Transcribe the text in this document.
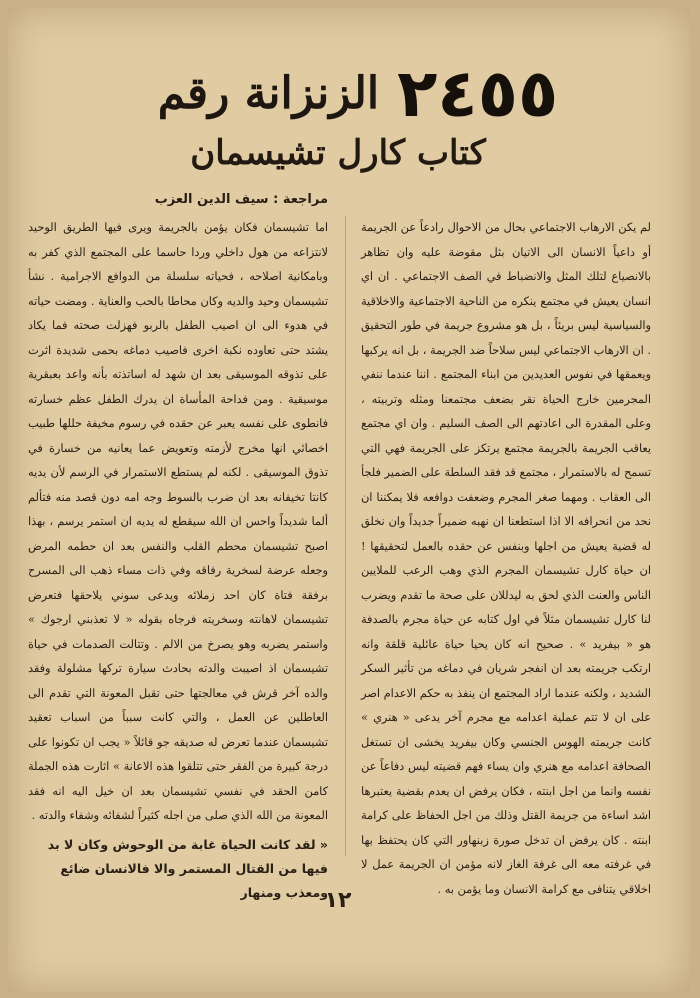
الزنزانة رقم ٢٤٥٥
كتاب كارل تشيسمان
مراجعة : سيف الدين العزب

لم يكن الارهاب الاجتماعي بحال من الاحوال رادعاً عن الجريمة أو داعياً الانسان الى الاتيان بثل مقوضة عليه وان تظاهر بالانصياع لتلك المثل والانضباط في الصف الاجتماعي . ان اي انسان يعيش في مجتمع ينكره من الناحية الاجتماعية والاخلاقية والسياسية ليس بريئاً ، بل هو مشروع جريمة في طور التحقيق . ان الارهاب الاجتماعي ليس سلاحاً ضد الجريمة ، بل انه يركبها ويعمقها في نفوس العديدين من ابناء المجتمع . اننا عندما ننفي المجرمين خارج الحياة نقر بضعف مجتمعنا ومثله وتربيته ، وعلى المقدرة الى اعادتهم الى الصف السليم . وان اي مجتمع يعاقب الجريمة بالجريمة مجتمع يرتكز على الجريمة فهي التي تسمح له بالاستمرار ، مجتمع قد فقد السلطة على الضمير فلجأ الى العقاب . ومهما صغر المجرم وضعفت دوافعه فلا يمكننا ان نحد من انحرافه الا اذا استطعنا ان نهبه ضميراً جديداً وان نخلق له قضية يعيش من اجلها وبنفس عن حقده بالعمل لتحقيقها ! ان حياة كارل تشيسمان المجرم الذي وهب الرعب للملايين الناس والعنت الذي لحق به ليدللان على صحة ما تقدم ويضرب لنا كارل تشيسمان مثلاً في اول كتابه عن حياة مجرم بالصدفة هو « بيفريد » . صحيح انه كان يحيا حياة عائلية قلقة وانه ارتكب جريمته بعد ان انفجر شريان في دماغه من تأثير السكر الشديد ، ولكنه عندما اراد المجتمع ان ينفذ به حكم الاعدام اصر على ان لا تتم عملية اعدامه مع مجرم آخر يدعى « هنري » كانت جريمته الهوس الجنسي وكان بيفريد يخشى ان تستغل الصحافة اعدامه مع هنري وان يساء فهم قضيته ليس دفاعاً عن نفسه وانما من اجل ابنته ، فكان يرفض ان يعدم بقضية يعتبرها اشد اساءة من جريمة القتل وذلك من اجل الحفاظ على كرامة ابنته . كان يرفض ان تدخل صورة زبنهاور التي كان يحتفظ بها في غرفته معه الى غرفة الغاز لانه مؤمن ان الجريمة عمل لا اخلاقي يتنافى مع كرامة الانسان وما يؤمن به .

اما تشيسمان فكان يؤمن بالجريمة ويرى فيها الطريق الوحيد لانتزاعه من هول داخلي وردا حاسما على المجتمع الذي كفر به وبامكانية اصلاحه ، فحياته سلسلة من الدوافع الاجرامية . نشأ تشيسمان وحيد والديه وكان محاطا بالحب والعناية . ومضت حياته في هدوء الى ان اصيب الطفل بالربو فهزلت صحته فما يكاد يشتد حتى تعاوده نكبة اخرى فاصيب دماغه بحمى شديدة اثرت على تذوقه الموسيقى بعد ان شهد له اساتذته بأنه واعد بعبقرية موسيقية . ومن فداحة المأساة ان يدرك الطفل عظم خسارته فانطوى على نفسه يعبر عن حقده في رسوم مخيفة حللها طبيب اخصائي انها مخرج لأزمته وتعويض عما يعانيه من خسارة في تذوق الموسيقى . لكنه لم يستطع الاستمرار في الرسم لأن يديه كانتا تخيفانه بعد ان ضرب بالسوط وجه امه دون قصد منه فتألم ألما شديداً واحس ان الله سيقطع له يديه ان استمر يرسم ، بهذا اصبح تشيسمان محطم القلب والنفس بعد ان حطمه المرض وجعله عرضة لسخرية رفاقه وفي ذات مساء ذهب الى المسرح برفقة فتاة كان احد زملائه ويدعى سوني يلاحقها فتعرض تشيسمان لاهانته وسخريته فرجاه بقوله « لا تعذبني ارجوك » واستمر يضربه وهو يصرخ من الالم . وتتالت الصدمات في حياة تشيسمان اذ اصيبت والدته بحادث سيارة تركها مشلولة وفقد والده آخر قرش في معالجتها حتى تقبل المعونة التي تقدم الى العاطلين عن العمل ، والتي كانت سبباً من اسباب تعقيد تشيسمان عندما تعرض له صديقه جو قائلاً « يجب ان تكونوا على درجة كبيرة من الفقر حتى تتلقوا هذه الاعانة » اثارت هذه الجملة كامن الحقد في نفسي تشيسمان بعد ان خيل اليه انه فقد المعونة من الله الذي صلى من اجله كثيراً لشفائه وشفاء والدته .

« لقد كانت الحياة غابة من الوحوش وكان لا بد فيها من القتال المستمر والا فالانسان ضائع ومعذب ومنهار
١٢
